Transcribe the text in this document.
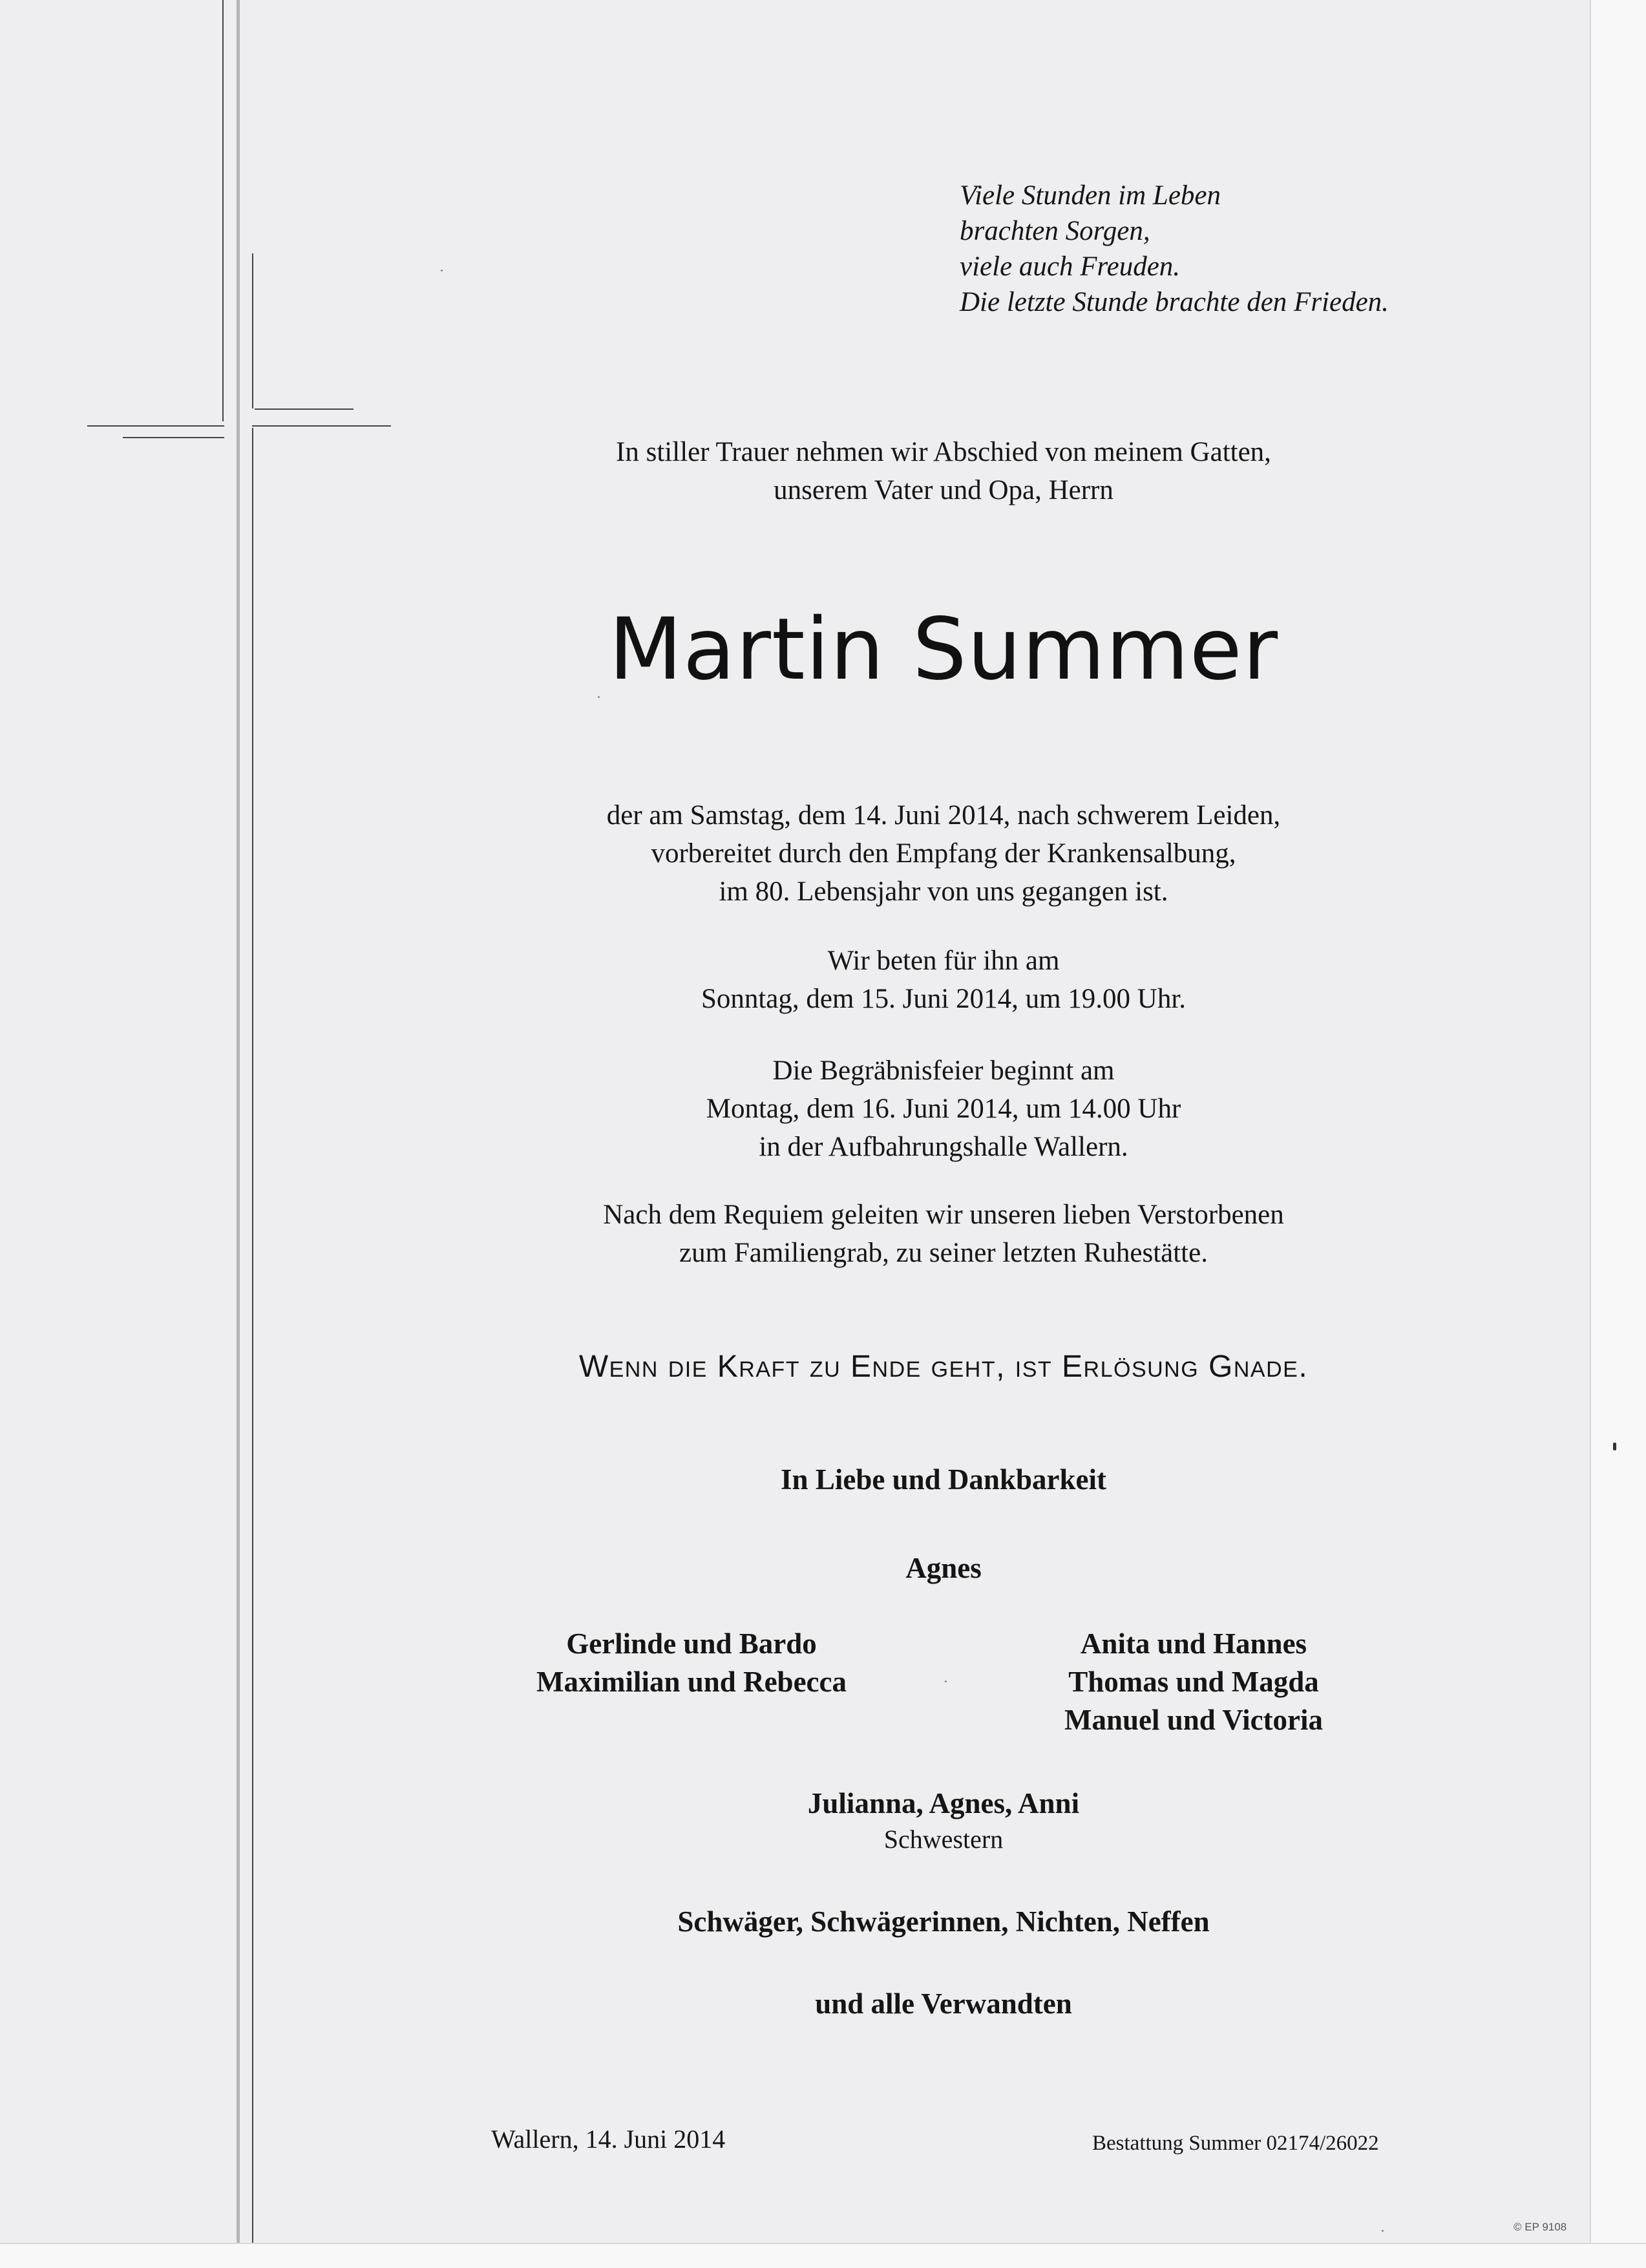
Viele Stunden im Leben

brachten Sorgen,

viele auch Freuden.

Die letzte Stunde brachte den Frieden.

In stiller Trauer nehmen wir Abschied von meinem Gatten,

unserem Vater und Opa, Herrn

Martin Summer

der am Samstag, dem 14. Juni 2014, nach schwerem Leiden,

vorbereitet durch den Empfang der Krankensalbung,

im 80. Lebensjahr von uns gegangen ist.

Wir beten für ihn am

Sonntag, dem 15. Juni 2014, um 19.00 Uhr.

Die Begräbnisfeier beginnt am

Montag, dem 16. Juni 2014, um 14.00 Uhr

in der Aufbahrungshalle Wallern.

Nach dem Requiem geleiten wir unseren lieben Verstorbenen

zum Familiengrab, zu seiner letzten Ruhestätte.

Wenn die Kraft zu Ende geht, ist Erlösung Gnade.
In Liebe und Dankbarkeit
Agnes

Gerlinde und Bardo

Maximilian und Rebecca

Anita und Hannes

Thomas und Magda

Manuel und Victoria

Julianna, Agnes, Anni
Schwestern
Schwäger, Schwägerinnen, Nichten, Neffen
und alle Verwandten
Wallern, 14. Juni 2014	Bestattung Summer 02174/26022
© EP 9108
